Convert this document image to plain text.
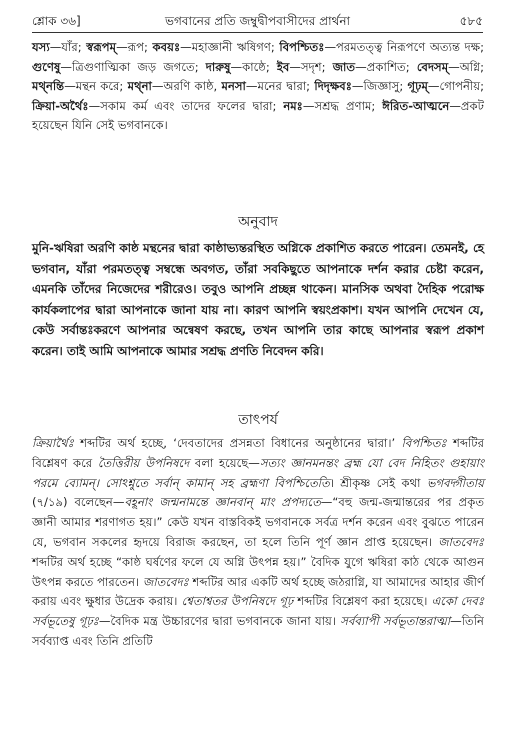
শ্লোক ৩৬]	ভগবানের প্রতি জম্বুদ্বীপবাসীদের প্রার্থনা	৫৮৫

যস্য—যাঁর; স্বরূপম্—রূপ; কবয়ঃ—মহাজ্ঞানী ঋষিগণ; বিপশ্চিতঃ—পরমতত্ত্ব নিরূপণে অত্যন্ত দক্ষ; গুণেষু—ত্রিগুণাত্মিকা জড় জগতে; দারুষু—কাষ্ঠে; ইব—সদৃশ; জাত—প্রকাশিত; বেদসম্—অগ্নি; মথ্নন্তি—মন্থন করে; মথ্না—অরণি কাষ্ঠ, মনসা—মনের দ্বারা; দিদৃক্ষবঃ—জিজ্ঞাসু; গূঢ়ম্—গোপনীয়; ক্রিয়া-অর্থৈঃ—সকাম কর্ম এবং তাদের ফলের দ্বারা; নমঃ—সশ্রদ্ধ প্রণাম; ঈরিত-আত্মনে—প্রকট হয়েছেন যিনি সেই ভগবানকে।

অনুবাদ

মুনি-ঋষিরা অরণি কাষ্ঠ মন্থনের দ্বারা কাষ্ঠাভ্যন্তরস্থিত অগ্নিকে প্রকাশিত করতে পারেন। তেমনই, হে ভগবান, যাঁরা পরমতত্ত্ব সম্বন্ধে অবগত, তাঁরা সবকিছুতে আপনাকে দর্শন করার চেষ্টা করেন, এমনকি তাঁদের নিজেদের শরীরেও। তবুও আপনি প্রচ্ছন্ন থাকেন। মানসিক অথবা দৈহিক পরোক্ষ কার্যকলাপের দ্বারা আপনাকে জানা যায় না। কারণ আপনি স্বয়ংপ্রকাশ। যখন আপনি দেখেন যে, কেউ সর্বান্তঃকরণে আপনার অন্বেষণ করছে, তখন আপনি তার কাছে আপনার স্বরূপ প্রকাশ করেন। তাই আমি আপনাকে আমার সশ্রদ্ধ প্রণতি নিবেদন করি।

তাৎপর্য

ক্রিয়ার্থৈঃ শব্দটির অর্থ হচ্ছে, ‘দেবতাদের প্রসন্নতা বিধানের অনুষ্ঠানের দ্বারা।’ বিপশ্চিতঃ শব্দটির বিশ্লেষণ করে তৈত্তিরীয় উপনিষদে বলা হয়েছে—সত্যং জ্ঞানমনন্তং ব্রহ্ম যো বেদ নিহিতং গুহায়াং পরমে ব্যোমন্। সোঽশ্নুতে সর্বান্ কামান্ সহ ব্রহ্মণা বিপশ্চিতেতি। শ্রীকৃষ্ণ সেই কথা ভগবদ্গীতায় (৭/১৯) বলেছেন—বহূনাং জন্মনামন্তে জ্ঞানবান্ মাং প্রপদ্যতে—“বহু জন্ম-জন্মান্তরের পর প্রকৃত জ্ঞানী আমার শরণাগত হয়।” কেউ যখন বাস্তবিকই ভগবানকে সর্বত্র দর্শন করেন এবং বুঝতে পারেন যে, ভগবান সকলের হৃদয়ে বিরাজ করছেন, তা হলে তিনি পূর্ণ জ্ঞান প্রাপ্ত হয়েছেন। জাতবেদঃ শব্দটির অর্থ হচ্ছে “কাষ্ঠ ঘর্ষণের ফলে যে অগ্নি উৎপন্ন হয়।” বৈদিক যুগে ঋষিরা কাঠ থেকে আগুন উৎপন্ন করতে পারতেন। জাতবেদঃ শব্দটির আর একটি অর্থ হচ্ছে জঠরাগ্নি, যা আমাদের আহার জীর্ণ করায় এবং ক্ষুধার উদ্রেক করায়। শ্বেতাশ্বতর উপনিষদে গূঢ় শব্দটির বিশ্লেষণ করা হয়েছে। একো দেবঃ সর্বভূতেষু গূঢ়ঃ—বৈদিক মন্ত্র উচ্চারণের দ্বারা ভগবানকে জানা যায়। সর্বব্যাপী সর্বভূতান্তরাত্মা—তিনি সর্বব্যাপ্ত এবং তিনি প্রতিটি
